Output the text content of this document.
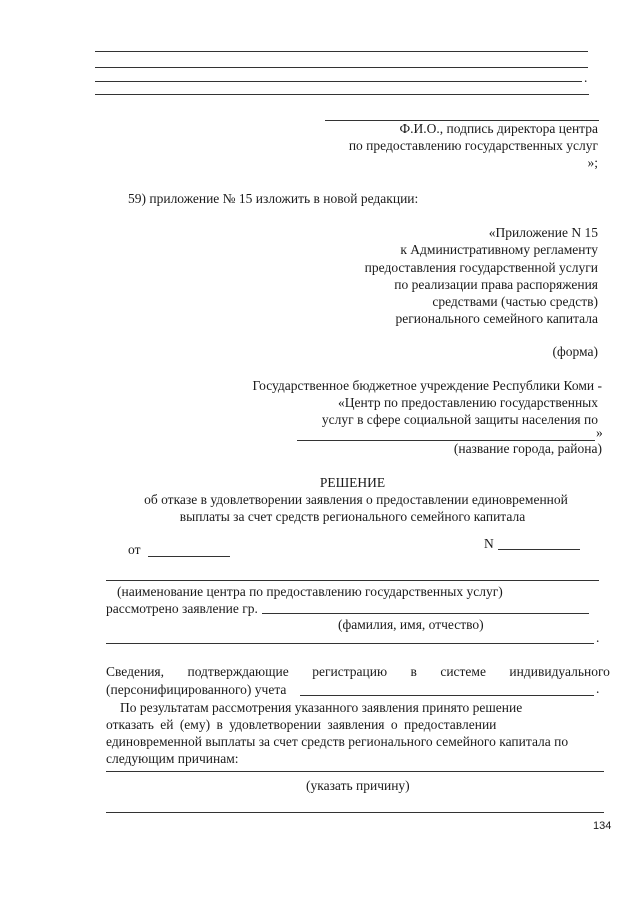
.
Ф.И.О., подпись директора центра
по предоставлению государственных услуг
»;
59) приложение № 15 изложить в новой редакции:
«Приложение N 15
к Административному регламенту
предоставления государственной услуги
по реализации права распоряжения
средствами (частью средств)
регионального семейного капитала
(форма)
Государственное бюджетное учреждение Республики Коми -
«Центр по предоставлению государственных
услуг в сфере социальной защиты населения по
»
(название города, района)
РЕШЕНИЕ
об отказе в удовлетворении заявления о предоставлении единовременной
выплаты за счет средств регионального семейного капитала
от	N
(наименование центра по предоставлению государственных услуг)
рассмотрено заявление гр.
(фамилия, имя, отчество)
.
Сведения, подтверждающие регистрацию в системе индивидуального
(персонифицированного) учета	.
По результатам рассмотрения указанного заявления принято решение
отказать ей (ему) в удовлетворении заявления о предоставлении
единовременной выплаты за счет средств регионального семейного капитала по
следующим причинам:
(указать причину)
134
